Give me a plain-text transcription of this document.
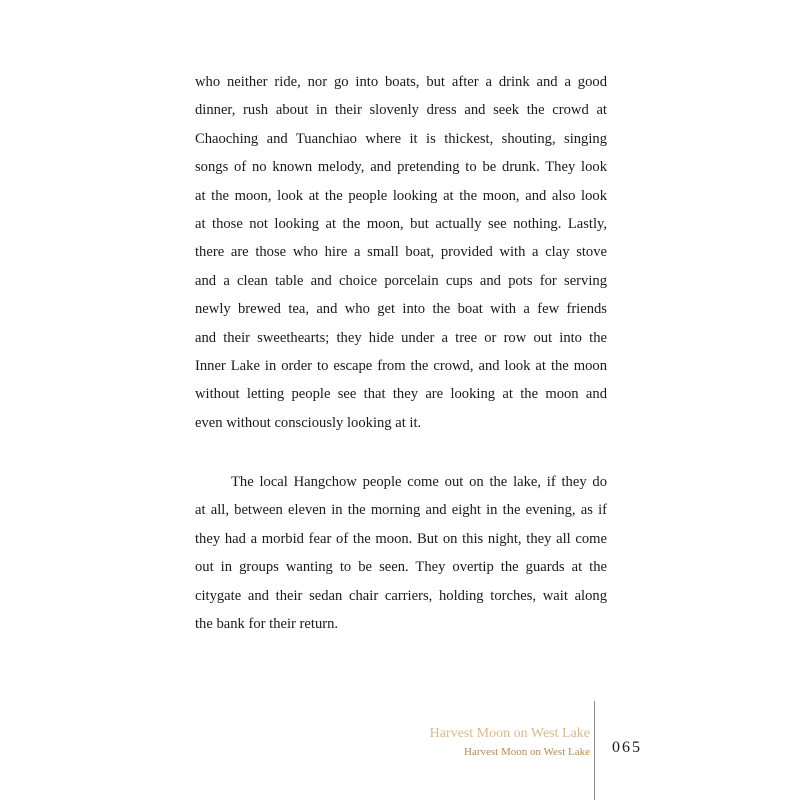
who neither ride, nor go into boats, but after a drink and a good
dinner, rush about in their slovenly dress and seek the crowd at
Chaoching and Tuanchiao where it is thickest, shouting, singing
songs of no known melody, and pretending to be drunk. They look
at the moon, look at the people looking at the moon, and also look
at those not looking at the moon, but actually see nothing. Lastly,
there are those who hire a small boat, provided with a clay stove
and a clean table and choice porcelain cups and pots for serving
newly brewed tea, and who get into the boat with a few friends
and their sweethearts; they hide under a tree or row out into the
Inner Lake in order to escape from the crowd, and look at the moon
without letting people see that they are looking at the moon and
even without consciously looking at it.
The local Hangchow people come out on the lake, if they do
at all, between eleven in the morning and eight in the evening, as if
they had a morbid fear of the moon. But on this night, they all come
out in groups wanting to be seen. They overtip the guards at the
citygate and their sedan chair carriers, holding torches, wait along
the bank for their return.
Harvest Moon on West Lake
Harvest Moon on West Lake 065
